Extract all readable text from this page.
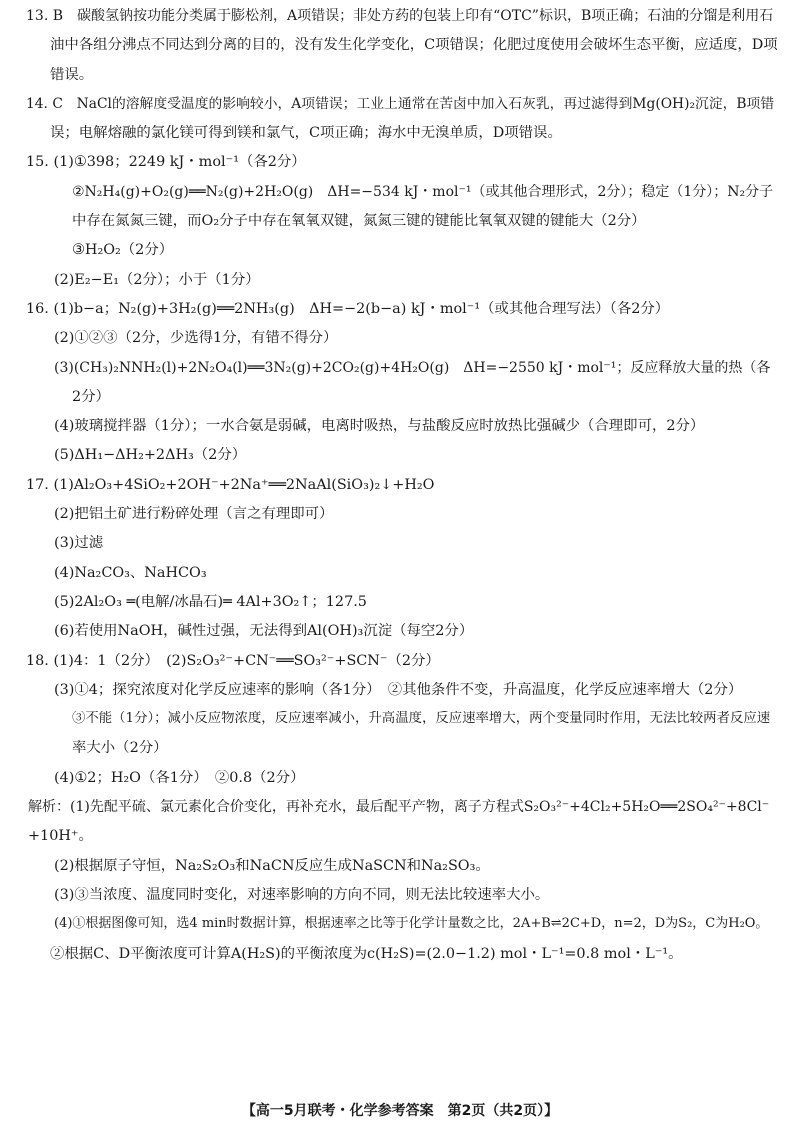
13. B　碳酸氢钠按功能分类属于膨松剂，A项错误；非处方药的包装上印有“OTC”标识，B项正确；石油的分馏是利用石
油中各组分沸点不同达到分离的目的，没有发生化学变化，C项错误；化肥过度使用会破坏生态平衡，应适度，D项
错误。
14. C　NaCl的溶解度受温度的影响较小，A项错误；工业上通常在苦卤中加入石灰乳，再过滤得到Mg(OH)₂沉淀，B项错
误；电解熔融的氯化镁可得到镁和氯气，C项正确；海水中无溴单质，D项错误。
15. (1)①398；2249 kJ・mol⁻¹（各2分）
②N₂H₄(g)+O₂(g)══N₂(g)+2H₂O(g)　ΔH=−534 kJ・mol⁻¹（或其他合理形式，2分）；稳定（1分）；N₂分子
中存在氮氮三键，而O₂分子中存在氧氧双键，氮氮三键的键能比氧氧双键的键能大（2分）
③H₂O₂（2分）
(2)E₂−E₁（2分）；小于（1分）
16. (1)b−a；N₂(g)+3H₂(g)══2NH₃(g)　ΔH=−2(b−a) kJ・mol⁻¹（或其他合理写法）（各2分）
(2)①②③（2分，少选得1分，有错不得分）
(3)(CH₃)₂NNH₂(l)+2N₂O₄(l)══3N₂(g)+2CO₂(g)+4H₂O(g)　ΔH=−2550 kJ・mol⁻¹；反应释放大量的热（各
2分）
(4)玻璃搅拌器（1分）；一水合氨是弱碱，电离时吸热，与盐酸反应时放热比强碱少（合理即可，2分）
(5)ΔH₁−ΔH₂+2ΔH₃（2分）
17. (1)Al₂O₃+4SiO₂+2OH⁻+2Na⁺══2NaAl(SiO₃)₂↓+H₂O
(2)把铝土矿进行粉碎处理（言之有理即可）
(3)过滤
(4)Na₂CO₃、NaHCO₃
(5)2Al₂O₃ ═(电解/冰晶石)═ 4Al+3O₂↑；127.5
(6)若使用NaOH，碱性过强，无法得到Al(OH)₃沉淀（每空2分）
18. (1)4：1（2分）　(2)S₂O₃²⁻+CN⁻══SO₃²⁻+SCN⁻（2分）
(3)①4；探究浓度对化学反应速率的影响（各1分）　②其他条件不变，升高温度，化学反应速率增大（2分）
③不能（1分）；减小反应物浓度，反应速率减小，升高温度，反应速率增大，两个变量同时作用，无法比较两者反应速
率大小（2分）
(4)①2；H₂O（各1分）　②0.8（2分）
解析：(1)先配平硫、氯元素化合价变化，再补充水，最后配平产物，离子方程式S₂O₃²⁻+4Cl₂+5H₂O══2SO₄²⁻+8Cl⁻
+10H⁺。
(2)根据原子守恒，Na₂S₂O₃和NaCN反应生成NaSCN和Na₂SO₃。
(3)③当浓度、温度同时变化，对速率影响的方向不同，则无法比较速率大小。
(4)①根据图像可知，选4 min时数据计算，根据速率之比等于化学计量数之比，2A+B⇌2C+D，n=2，D为S₂，C为H₂O。
②根据C、D平衡浓度可计算A(H₂S)的平衡浓度为c(H₂S)=(2.0−1.2) mol・L⁻¹=0.8 mol・L⁻¹。
【高一5月联考・化学参考答案　第2页（共2页）】
